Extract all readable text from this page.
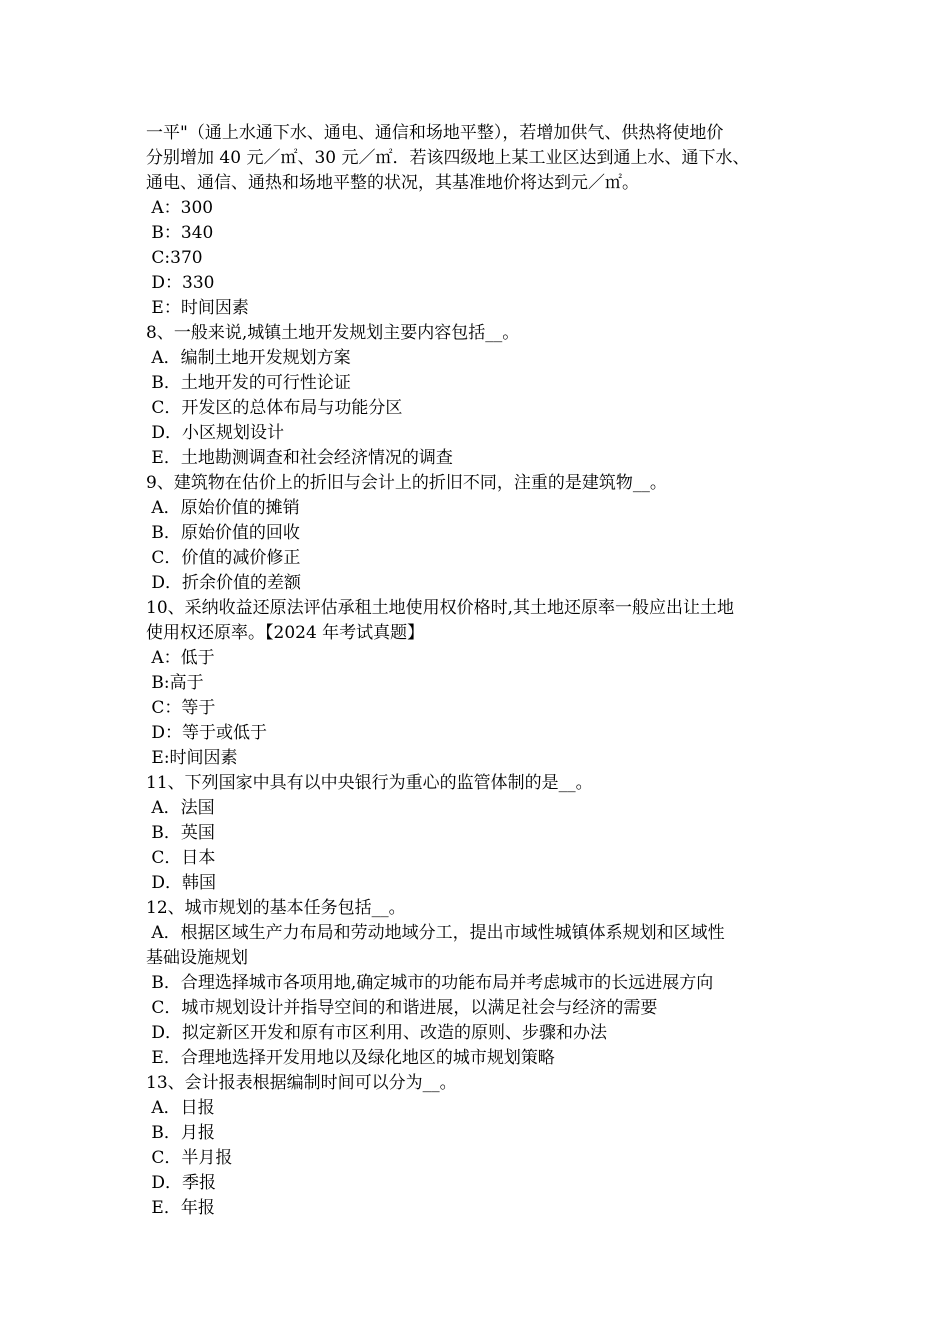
一平"（通上水通下水、通电、通信和场地平整），若增加供气、供热将使地价
分别增加 40 元／㎡、30 元／㎡．若该四级地上某工业区达到通上水、通下水、
通电、通信、通热和场地平整的状况，其基准地价将达到元／㎡。
A：300
B：340
C:370
D：330
E：时间因素
8、一般来说,城镇土地开发规划主要内容包括__。
A．编制土地开发规划方案
B．土地开发的可行性论证
C．开发区的总体布局与功能分区
D．小区规划设计
E．土地勘测调查和社会经济情况的调查
9、建筑物在估价上的折旧与会计上的折旧不同，注重的是建筑物__。
A．原始价值的摊销
B．原始价值的回收
C．价值的减价修正
D．折余价值的差额
10、采纳收益还原法评估承租土地使用权价格时,其土地还原率一般应出让土地
使用权还原率。【2024 年考试真题】
A：低于
B:高于
C：等于
D：等于或低于
E:时间因素
11、下列国家中具有以中央银行为重心的监管体制的是__。
A．法国
B．英国
C．日本
D．韩国
12、城市规划的基本任务包括__。
A．根据区域生产力布局和劳动地域分工，提出市域性城镇体系规划和区域性
基础设施规划
B．合理选择城市各项用地,确定城市的功能布局并考虑城市的长远进展方向
C．城市规划设计并指导空间的和谐进展，以满足社会与经济的需要
D．拟定新区开发和原有市区利用、改造的原则、步骤和办法
E．合理地选择开发用地以及绿化地区的城市规划策略
13、会计报表根据编制时间可以分为__。
A．日报
B．月报
C．半月报
D．季报
E．年报
